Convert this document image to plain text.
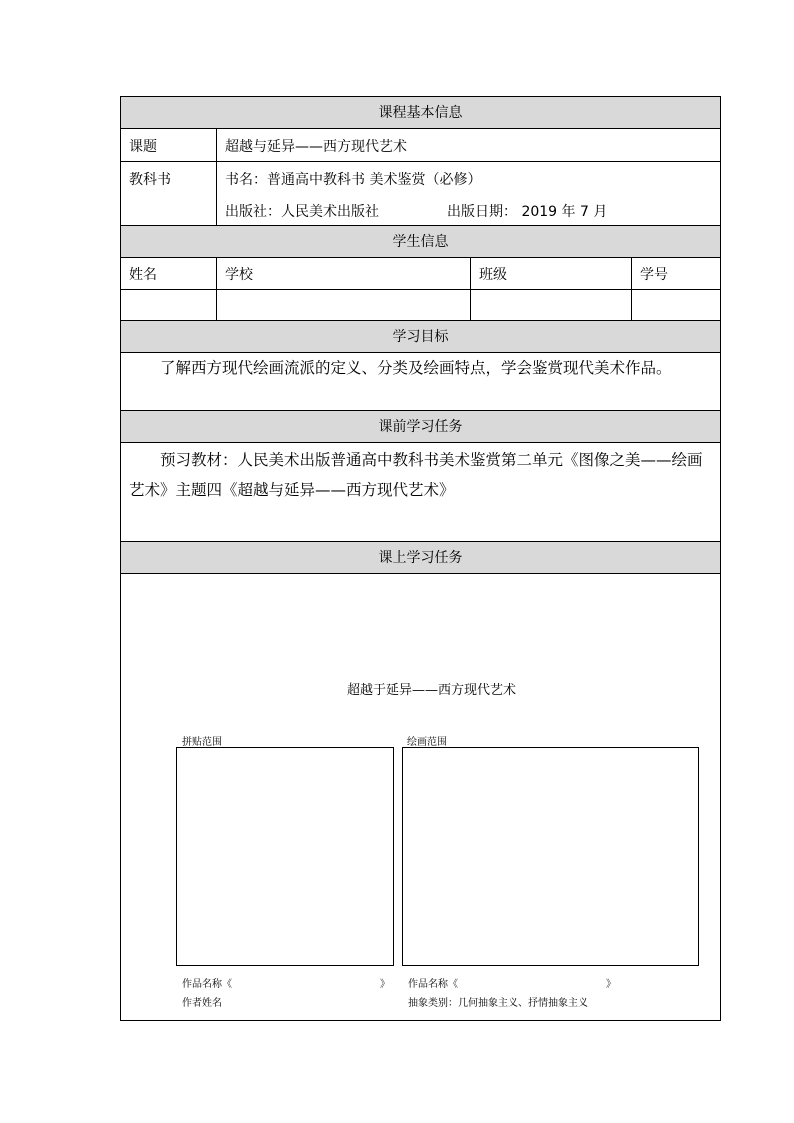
课程基本信息
课题	超越与延异——西方现代艺术
教科书	书名：普通高中教科书 美术鉴赏（必修）
出版社：人民美术出版社	出版日期： 2019 年 7 月
学生信息
姓名	学校	班级	学号
学习目标
了解西方现代绘画流派的定义、分类及绘画特点，学会鉴赏现代美术作品。
课前学习任务
预习教材：人民美术出版普通高中教科书美术鉴赏第二单元《图像之美——绘画艺术》主题四《超越与延异——西方现代艺术》
课上学习任务
超越于延异——西方现代艺术
拼贴范围	绘画范围
作品名称《	》
作者姓名
作品名称《	》
抽象类别：几何抽象主义、抒情抽象主义
